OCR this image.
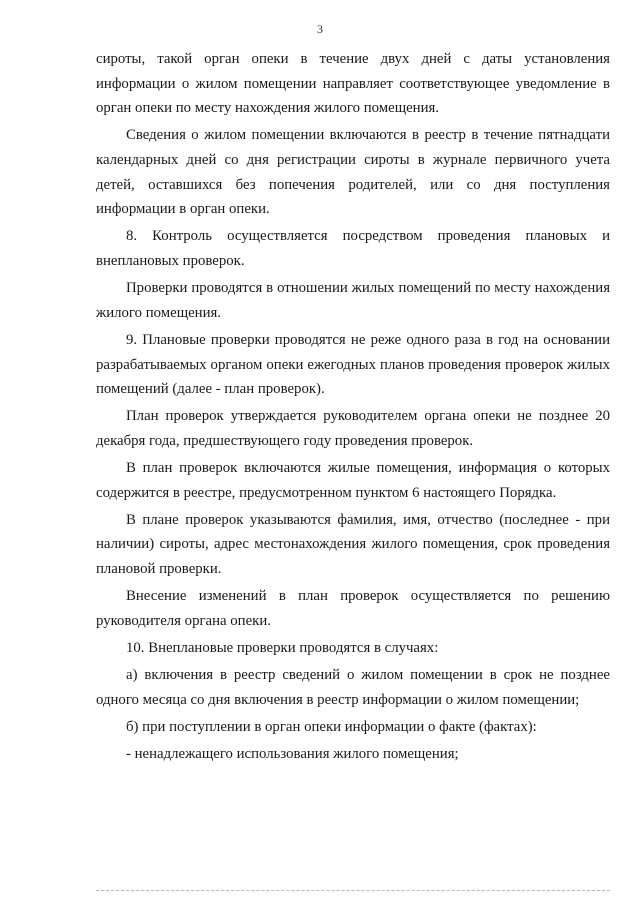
3

сироты, такой орган опеки в течение двух дней с даты установления информации о жилом помещении направляет соответствующее уведомление в орган опеки по месту нахождения жилого помещения.

Сведения о жилом помещении включаются в реестр в течение пятнадцати календарных дней со дня регистрации сироты в журнале первичного учета детей, оставшихся без попечения родителей, или со дня поступления информации в орган опеки.

8. Контроль осуществляется посредством проведения плановых и внеплановых проверок.

Проверки проводятся в отношении жилых помещений по месту нахождения жилого помещения.

9. Плановые проверки проводятся не реже одного раза в год на основании разрабатываемых органом опеки ежегодных планов проведения проверок жилых помещений (далее - план проверок).

План проверок утверждается руководителем органа опеки не позднее 20 декабря года, предшествующего году проведения проверок.

В план проверок включаются жилые помещения, информация о которых содержится в реестре, предусмотренном пунктом 6 настоящего Порядка.

В плане проверок указываются фамилия, имя, отчество (последнее - при наличии) сироты, адрес местонахождения жилого помещения, срок проведения плановой проверки.

Внесение изменений в план проверок осуществляется по решению руководителя органа опеки.

10. Внеплановые проверки проводятся в случаях:

а) включения в реестр сведений о жилом помещении в срок не позднее одного месяца со дня включения в реестр информации о жилом помещении;

б) при поступлении в орган опеки информации о факте (фактах):

- ненадлежащего использования жилого помещения;
